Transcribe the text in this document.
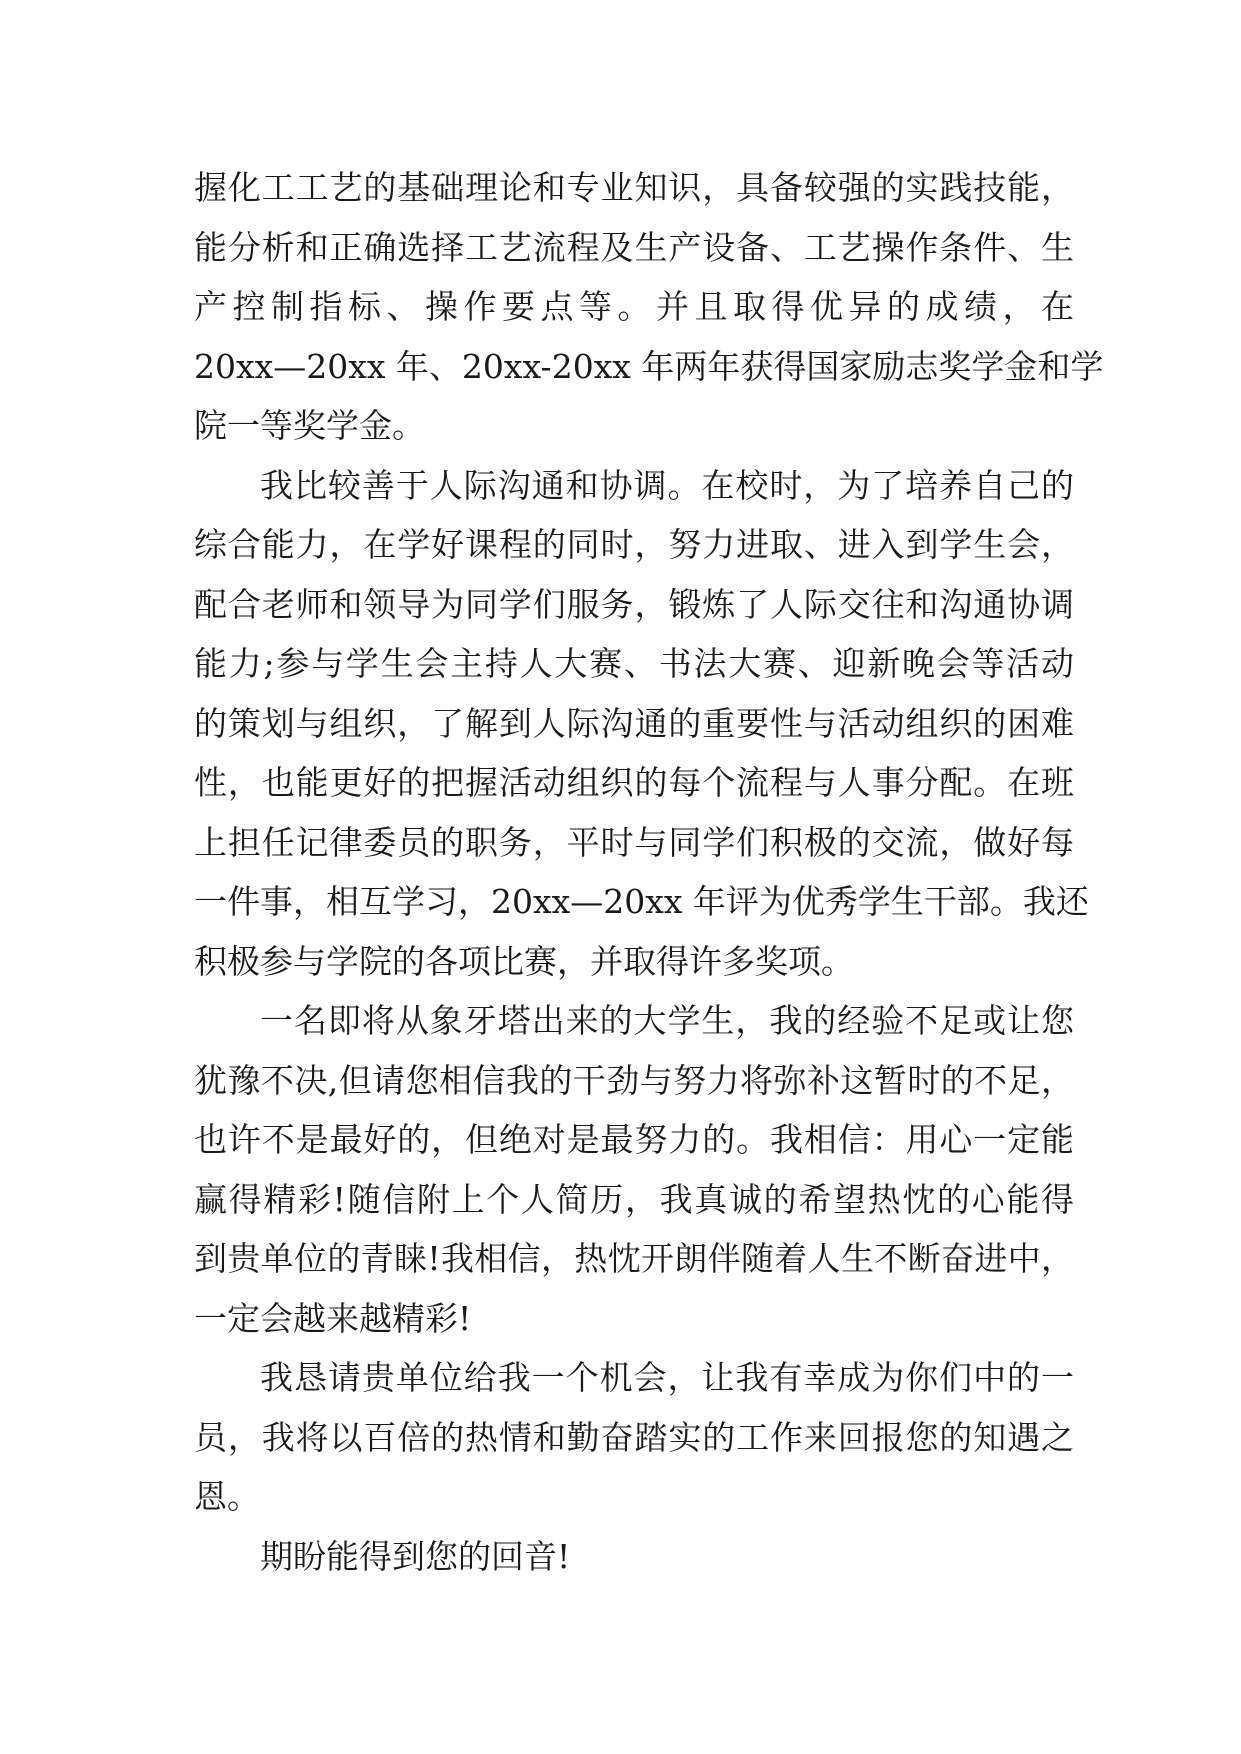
握化工工艺的基础理论和专业知识，具备较强的实践技能，
能分析和正确选择工艺流程及生产设备、工艺操作条件、生
产控制指标、操作要点等。并且取得优异的成绩，在
20xx—20xx 年、20xx-20xx 年两年获得国家励志奖学金和学
院一等奖学金。
我比较善于人际沟通和协调。在校时，为了培养自己的
综合能力，在学好课程的同时，努力进取、进入到学生会，
配合老师和领导为同学们服务，锻炼了人际交往和沟通协调
能力;参与学生会主持人大赛、书法大赛、迎新晚会等活动
的策划与组织，了解到人际沟通的重要性与活动组织的困难
性，也能更好的把握活动组织的每个流程与人事分配。在班
上担任记律委员的职务，平时与同学们积极的交流，做好每
一件事，相互学习，20xx—20xx 年评为优秀学生干部。我还
积极参与学院的各项比赛，并取得许多奖项。
一名即将从象牙塔出来的大学生，我的经验不足或让您
犹豫不决,但请您相信我的干劲与努力将弥补这暂时的不足，
也许不是最好的，但绝对是最努力的。我相信：用心一定能
赢得精彩!随信附上个人简历，我真诚的希望热忱的心能得
到贵单位的青睐!我相信，热忱开朗伴随着人生不断奋进中，
一定会越来越精彩!
我恳请贵单位给我一个机会，让我有幸成为你们中的一
员，我将以百倍的热情和勤奋踏实的工作来回报您的知遇之
恩。
期盼能得到您的回音!
